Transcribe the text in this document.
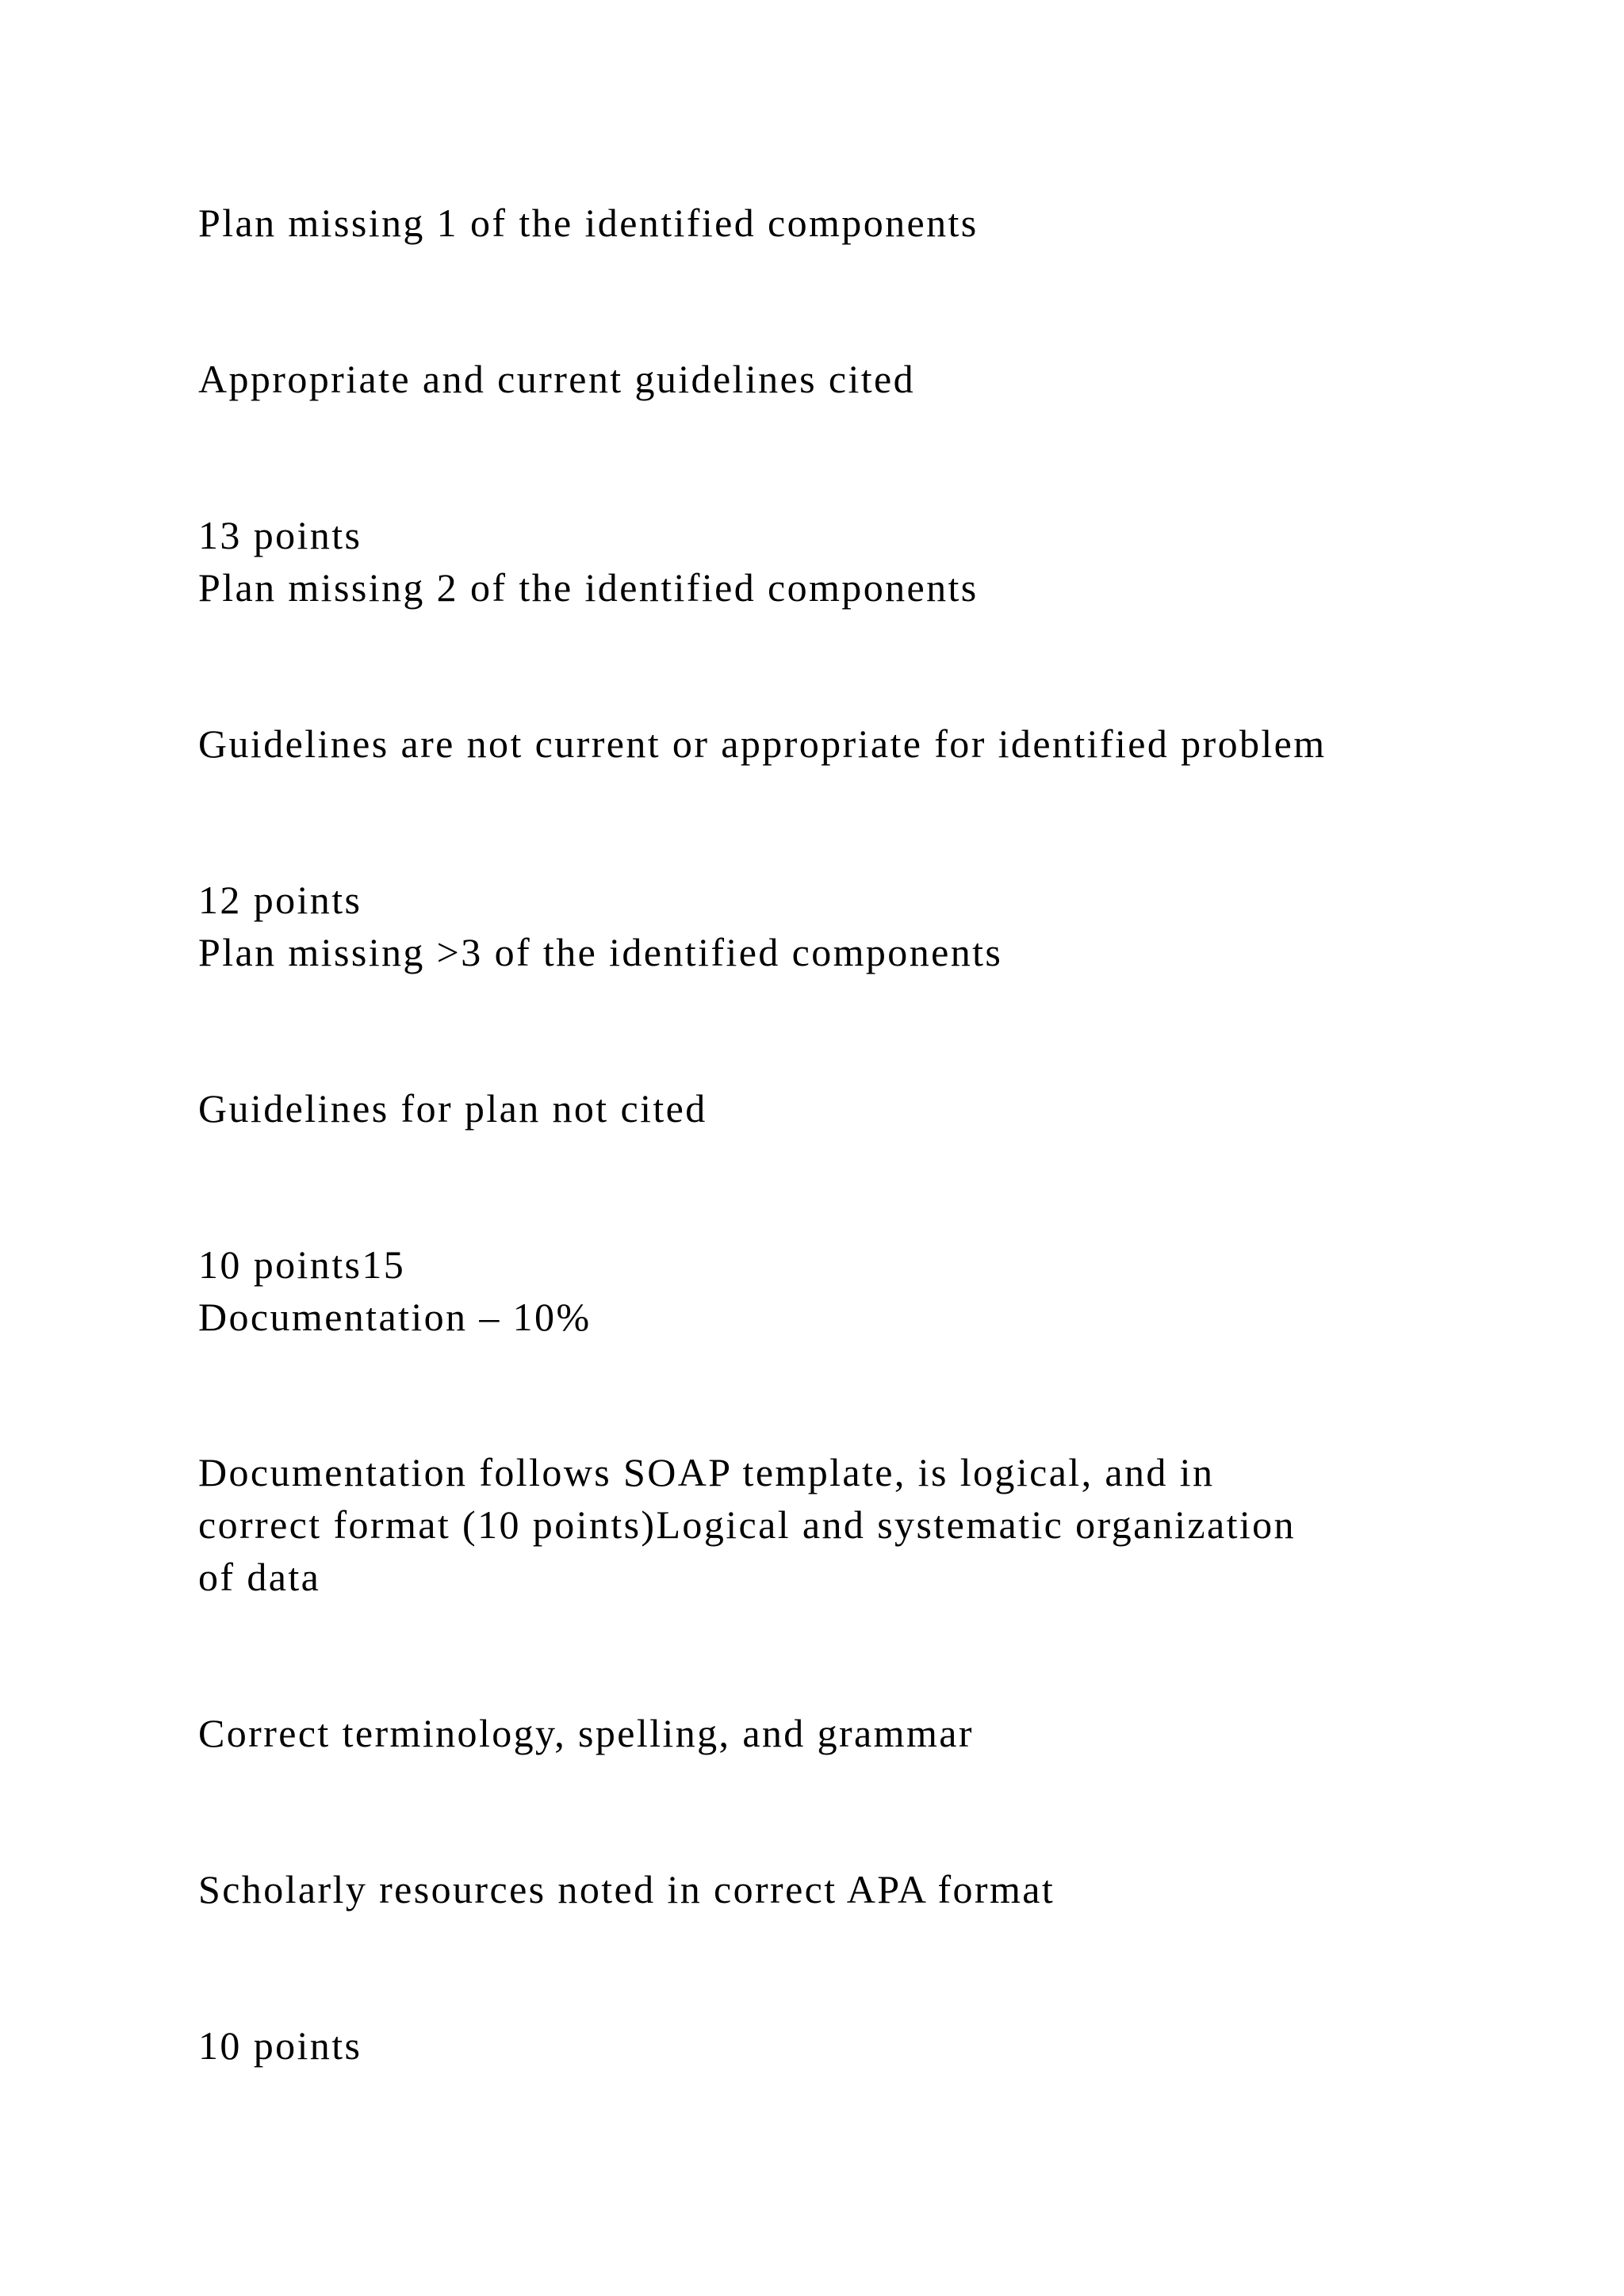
Plan missing 1 of the identified components

Appropriate and current guidelines cited

13 points

Plan missing 2 of the identified components

Guidelines are not current or appropriate for identified problem

12 points

Plan missing >3 of the identified components

Guidelines for plan not cited

10 points15

Documentation – 10%

Documentation follows SOAP template, is logical, and in

correct format (10 points)Logical and systematic organization

of data

Correct terminology, spelling, and grammar

Scholarly resources noted in correct APA format

10 points
